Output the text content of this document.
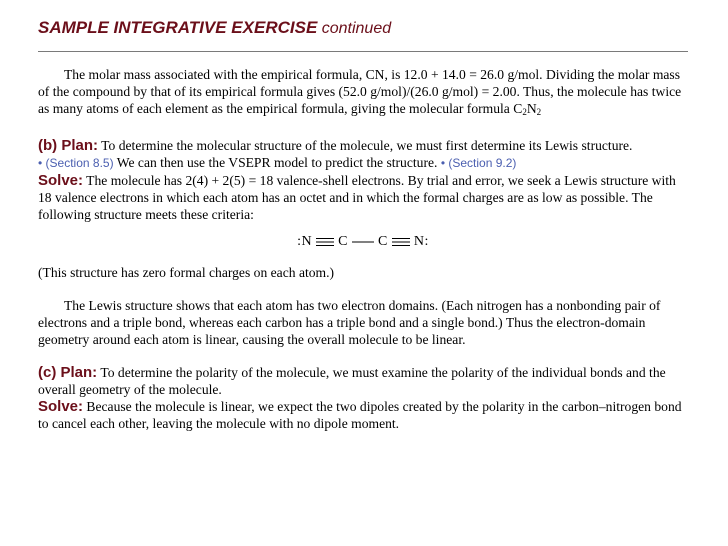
SAMPLE INTEGRATIVE EXERCISE continued

The molar mass associated with the empirical formula, CN, is 12.0 + 14.0 = 26.0 g/mol. Dividing the molar mass of the compound by that of its empirical formula gives (52.0 g/mol)/(26.0 g/mol) = 2.00. Thus, the molecule has twice as many atoms of each element as the empirical formula, giving the molecular formula $C_2N_2$

(b) Plan: To determine the molecular structure of the molecule, we must first determine its Lewis structure.
• (Section 8.5) We can then use the VSEPR model to predict the structure. • (Section 9.2)

Solve: The molecule has 2(4) + 2(5) = 18 valence-shell electrons. By trial and error, we seek a Lewis structure with 18 valence electrons in which each atom has an octet and in which the formal charges are as low as possible. The following structure meets these criteria:

:N C C N:

(This structure has zero formal charges on each atom.)

The Lewis structure shows that each atom has two electron domains. (Each nitrogen has a nonbonding pair of electrons and a triple bond, whereas each carbon has a triple bond and a single bond.) Thus the electron-domain geometry around each atom is linear, causing the overall molecule to be linear.

(c) Plan: To determine the polarity of the molecule, we must examine the polarity of the individual bonds and the overall geometry of the molecule.

Solve: Because the molecule is linear, we expect the two dipoles created by the polarity in the carbon–nitrogen bond to cancel each other, leaving the molecule with no dipole moment.
